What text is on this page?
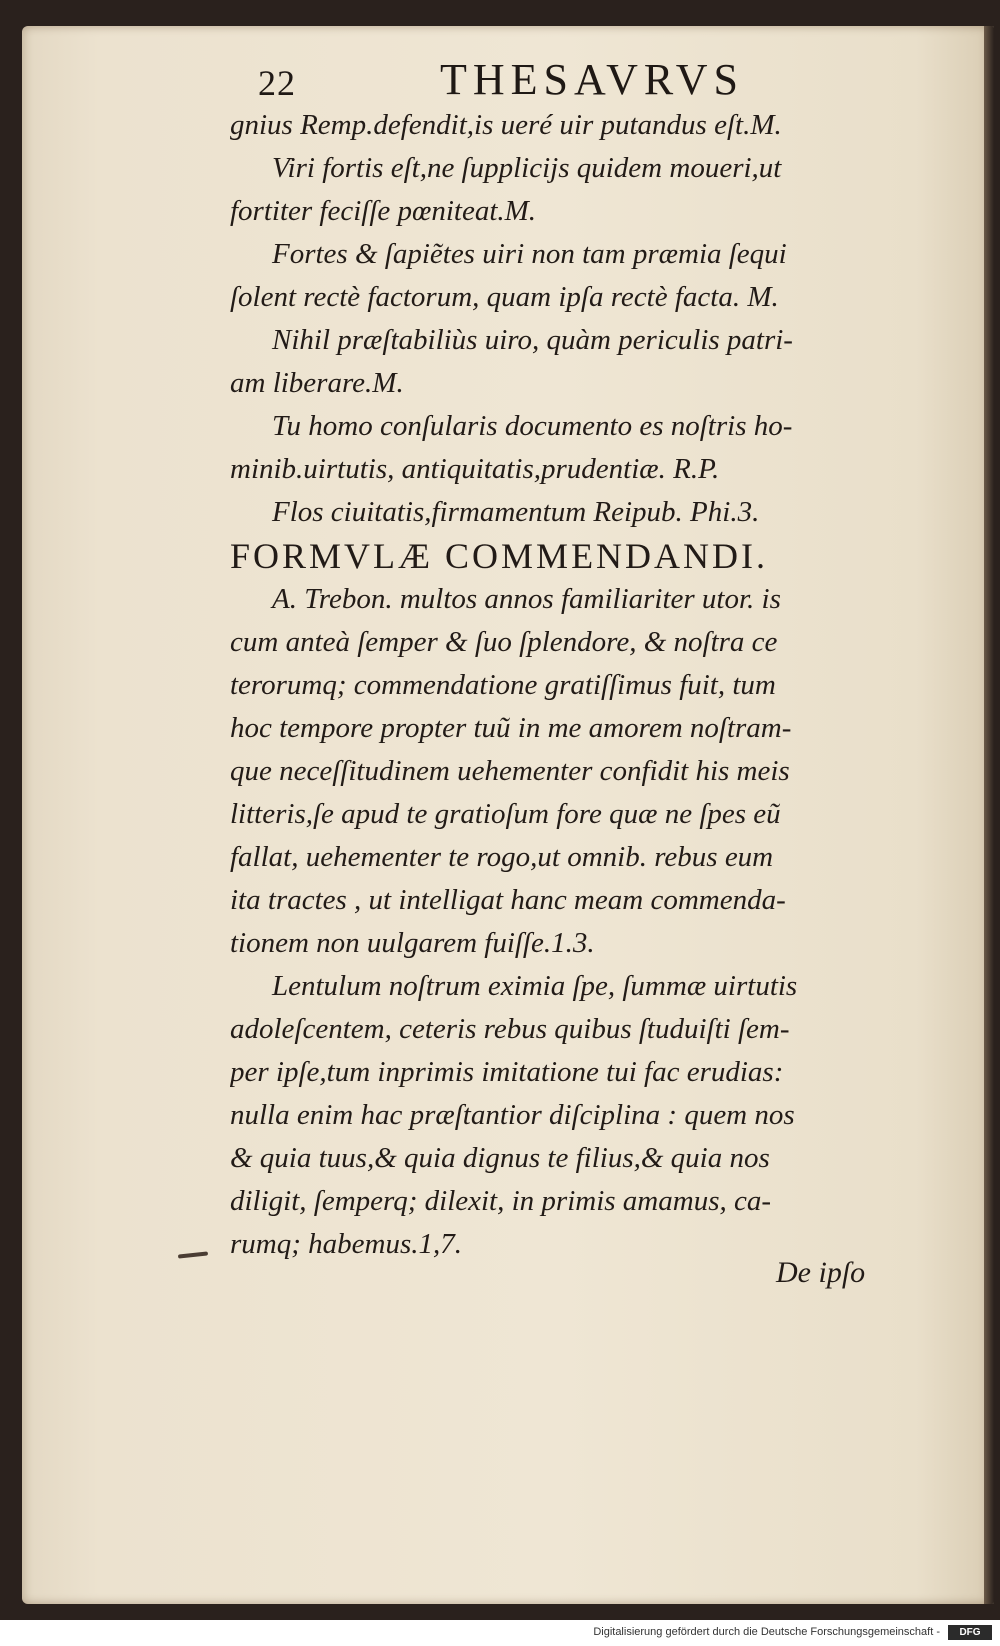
22	THESAVRVS
gnius Remp.defendit,is ueré uir putandus eſt.M.
Viri fortis eſt,ne ſupplicijs quidem moueri,ut
fortiter feciſſe pœniteat.M.
Fortes & ſapiẽtes uiri non tam præmia ſequi
ſolent rectè factorum, quam ipſa rectè facta. M.
Nihil præſtabiliùs uiro, quàm periculis patri-
am liberare.M.
Tu homo conſularis documento es noſtris ho-
minib.uirtutis, antiquitatis,prudentiæ. R.P.
Flos ciuitatis,firmamentum Reipub. Phi.3.
FORMVLÆ COMMENDANDI.
A. Trebon. multos annos familiariter utor. is
cum anteà ſemper & ſuo ſplendore, & noſtra ce
terorumq; commendatione gratiſſimus fuit, tum
hoc tempore propter tuũ in me amorem noſtram-
que neceſſitudinem uehementer confidit his meis
litteris,ſe apud te gratioſum fore quæ ne ſpes eũ
fallat, uehementer te rogo,ut omnib. rebus eum
ita tractes , ut intelligat hanc meam commenda-
tionem non uulgarem fuiſſe.1.3.
Lentulum noſtrum eximia ſpe, ſummæ uirtutis
adoleſcentem, ceteris rebus quibus ſtuduiſti ſem-
per ipſe,tum inprimis imitatione tui fac erudias:
nulla enim hac præſtantior diſciplina : quem nos
& quia tuus,& quia dignus te filius,& quia nos
diligit, ſemperq; dilexit, in primis amamus, ca-
rumq; habemus.1,7.
De ipſo
Digitalisierung gefördert durch die Deutsche Forschungsgemeinschaft -	DFG
